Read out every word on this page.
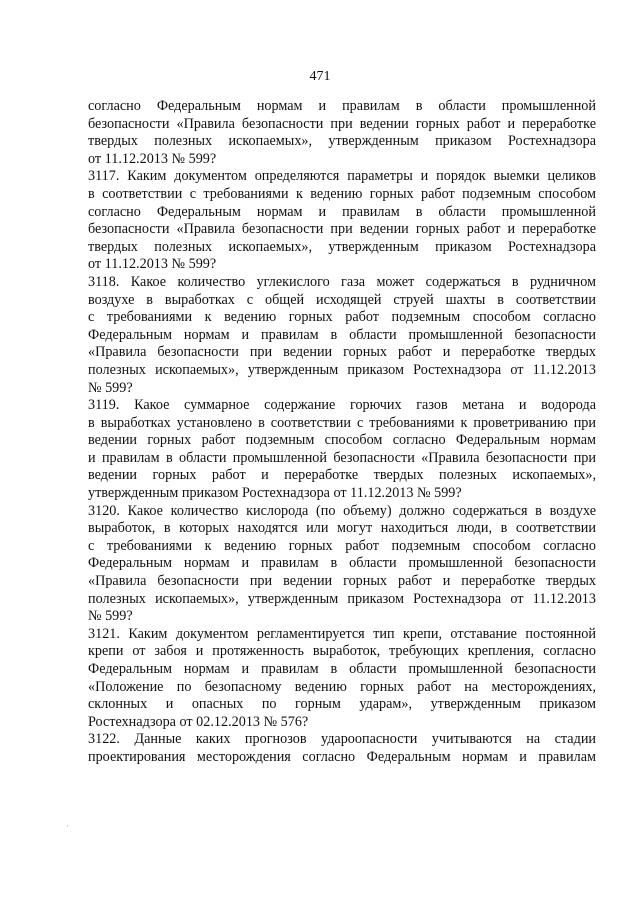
471
согласно Федеральным нормам и правилам в области промышленной
безопасности «Правила безопасности при ведении горных работ и переработке
твердых полезных ископаемых», утвержденным приказом Ростехнадзора
от 11.12.2013 № 599?
3117. Каким документом определяются параметры и порядок выемки целиков
в соответствии с требованиями к ведению горных работ подземным способом
согласно Федеральным нормам и правилам в области промышленной
безопасности «Правила безопасности при ведении горных работ и переработке
твердых полезных ископаемых», утвержденным приказом Ростехнадзора
от 11.12.2013 № 599?
3118. Какое количество углекислого газа может содержаться в рудничном
воздухе в выработках с общей исходящей струей шахты в соответствии
с требованиями к ведению горных работ подземным способом согласно
Федеральным нормам и правилам в области промышленной безопасности
«Правила безопасности при ведении горных работ и переработке твердых
полезных ископаемых», утвержденным приказом Ростехнадзора от 11.12.2013
№ 599?
3119. Какое суммарное содержание горючих газов метана и водорода
в выработках установлено в соответствии с требованиями к проветриванию при
ведении горных работ подземным способом согласно Федеральным нормам
и правилам в области промышленной безопасности «Правила безопасности при
ведении горных работ и переработке твердых полезных ископаемых»,
утвержденным приказом Ростехнадзора от 11.12.2013 № 599?
3120. Какое количество кислорода (по объему) должно содержаться в воздухе
выработок, в которых находятся или могут находиться люди, в соответствии
с требованиями к ведению горных работ подземным способом согласно
Федеральным нормам и правилам в области промышленной безопасности
«Правила безопасности при ведении горных работ и переработке твердых
полезных ископаемых», утвержденным приказом Ростехнадзора от 11.12.2013
№ 599?
3121. Каким документом регламентируется тип крепи, отставание постоянной
крепи от забоя и протяженность выработок, требующих крепления, согласно
Федеральным нормам и правилам в области промышленной безопасности
«Положение по безопасному ведению горных работ на месторождениях,
склонных и опасных по горным ударам», утвержденным приказом
Ростехнадзора от 02.12.2013 № 576?
3122. Данные каких прогнозов удароопасности учитываются на стадии
проектирования месторождения согласно Федеральным нормам и правилам
·
